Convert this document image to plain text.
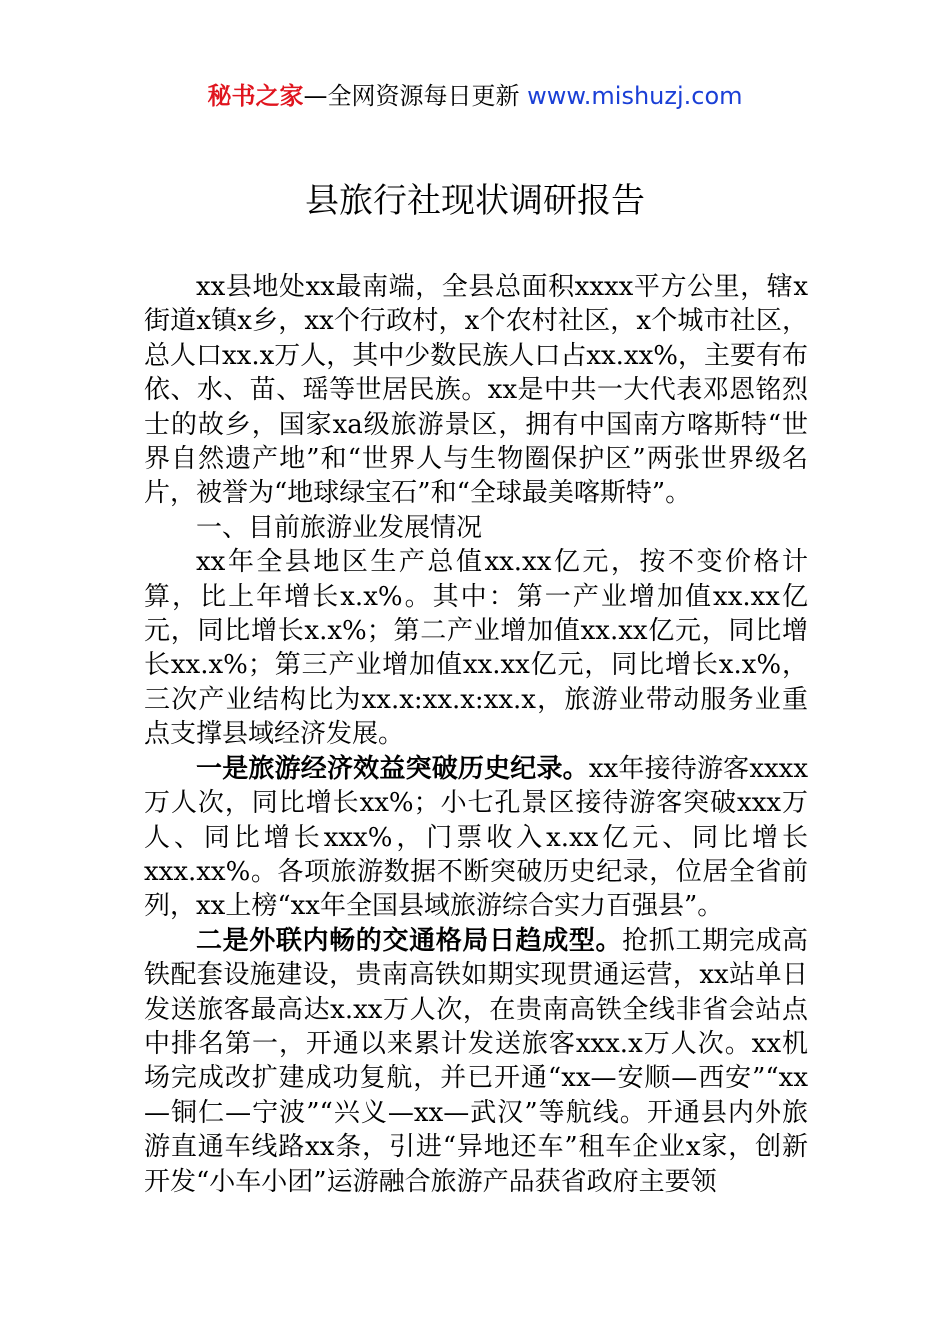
秘书之家—全网资源每日更新 www.mishuzj.com
县旅行社现状调研报告

xx县地处xx最南端，全县总面积xxxx平方公里，辖x街道x镇x乡，xx个行政村，x个农村社区，x个城市社区，总人口xx.x万人，其中少数民族人口占xx.xx%，主要有布依、水、苗、瑶等世居民族。xx是中共一大代表邓恩铭烈士的故乡，国家xa级旅游景区，拥有中国南方喀斯特“世界自然遗产地”和“世界人与生物圈保护区”两张世界级名片，被誉为“地球绿宝石”和“全球最美喀斯特”。

一、目前旅游业发展情况

xx年全县地区生产总值xx.xx亿元，按不变价格计算，比上年增长x.x%。其中：第一产业增加值xx.xx亿元，同比增长x.x%；第二产业增加值xx.xx亿元，同比增长xx.x%；第三产业增加值xx.xx亿元，同比增长x.x%，三次产业结构比为xx.x:xx.x:xx.x，旅游业带动服务业重点支撑县域经济发展。

一是旅游经济效益突破历史纪录。xx年接待游客xxxx万人次，同比增长xx%；小七孔景区接待游客突破xxx万人、同比增长xxx%，门票收入x.xx亿元、同比增长xxx.xx%。各项旅游数据不断突破历史纪录，位居全省前列，xx上榜“xx年全国县域旅游综合实力百强县”。

二是外联内畅的交通格局日趋成型。抢抓工期完成高铁配套设施建设，贵南高铁如期实现贯通运营，xx站单日发送旅客最高达x.xx万人次，在贵南高铁全线非省会站点中排名第一，开通以来累计发送旅客xxx.x万人次。xx机场完成改扩建成功复航，并已开通“xx—安顺—西安”“xx—铜仁—宁波”“兴义—xx—武汉”等航线。开通县内外旅游直通车线路xx条，引进“异地还车”租车企业x家，创新开发“小车小团”运游融合旅游产品获省政府主要领
